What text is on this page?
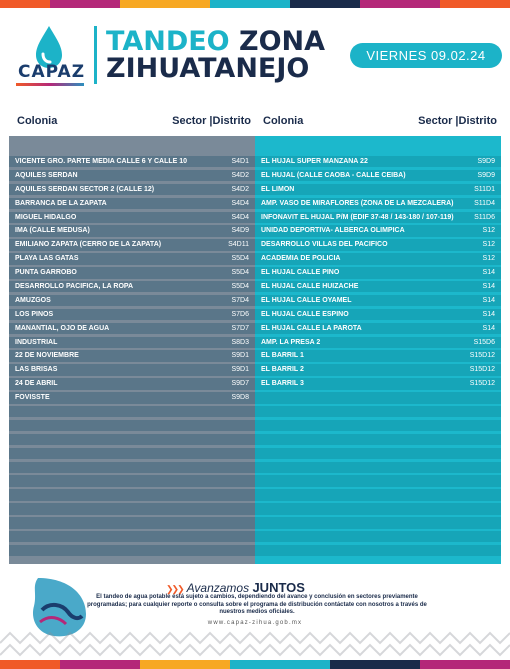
CAPAZ
TANDEO ZONA
ZIHUATANEJO	VIERNES 09.02.24
Colonia	Sector |Distrito
VICENTE GRO. PARTE MEDIA CALLE 6 Y CALLE 10	S4D1
AQUILES SERDAN	S4D2
AQUILES SERDAN SECTOR 2 (CALLE 12)	S4D2
BARRANCA DE LA ZAPATA	S4D4
MIGUEL HIDALGO	S4D4
IMA (CALLE MEDUSA)	S4D9
EMILIANO ZAPATA (CERRO DE LA ZAPATA)	S4D11
PLAYA LAS GATAS	S5D4
PUNTA GARROBO	S5D4
DESARROLLO PACIFICA, LA ROPA	S5D4
AMUZGOS	S7D4
LOS PINOS	S7D6
MANANTIAL, OJO DE AGUA	S7D7
INDUSTRIAL	S8D3
22 DE NOVIEMBRE	S9D1
LAS BRISAS	S9D1
24 DE ABRIL	S9D7
FOVISSTE	S9D8
Colonia	Sector |Distrito
EL HUJAL SUPER MANZANA 22	S9D9
EL HUJAL (CALLE CAOBA - CALLE CEIBA)	S9D9
EL LIMON	S11D1
AMP. VASO DE MIRAFLORES (ZONA DE LA MEZCALERA)	S11D4
INFONAVIT EL HUJAL P/M (EDIF 37-48 / 143-180 / 107-119)	S11D6
UNIDAD DEPORTIVA- ALBERCA OLIMPICA	S12
DESARROLLO VILLAS DEL PACIFICO	S12
ACADEMIA DE POLICIA	S12
EL HUJAL CALLE PINO	S14
EL HUJAL CALLE HUIZACHE	S14
EL HUJAL CALLE OYAMEL	S14
EL HUJAL CALLE ESPINO	S14
EL HUJAL CALLE LA PAROTA	S14
AMP. LA PRESA 2	S15D6
EL BARRIL 1	S15D12
EL BARRIL 2	S15D12
EL BARRIL 3	S15D12
❯❯❯ Avanzamos JUNTOS
El tandeo de agua potable está sujeto a cambios, dependiendo del avance y conclusión en sectores previamente programadas; para cualquier reporte o consulta sobre el programa de distribución contáctate con nosotros a través de nuestros medios oficiales.
www.capaz-zihua.gob.mx
